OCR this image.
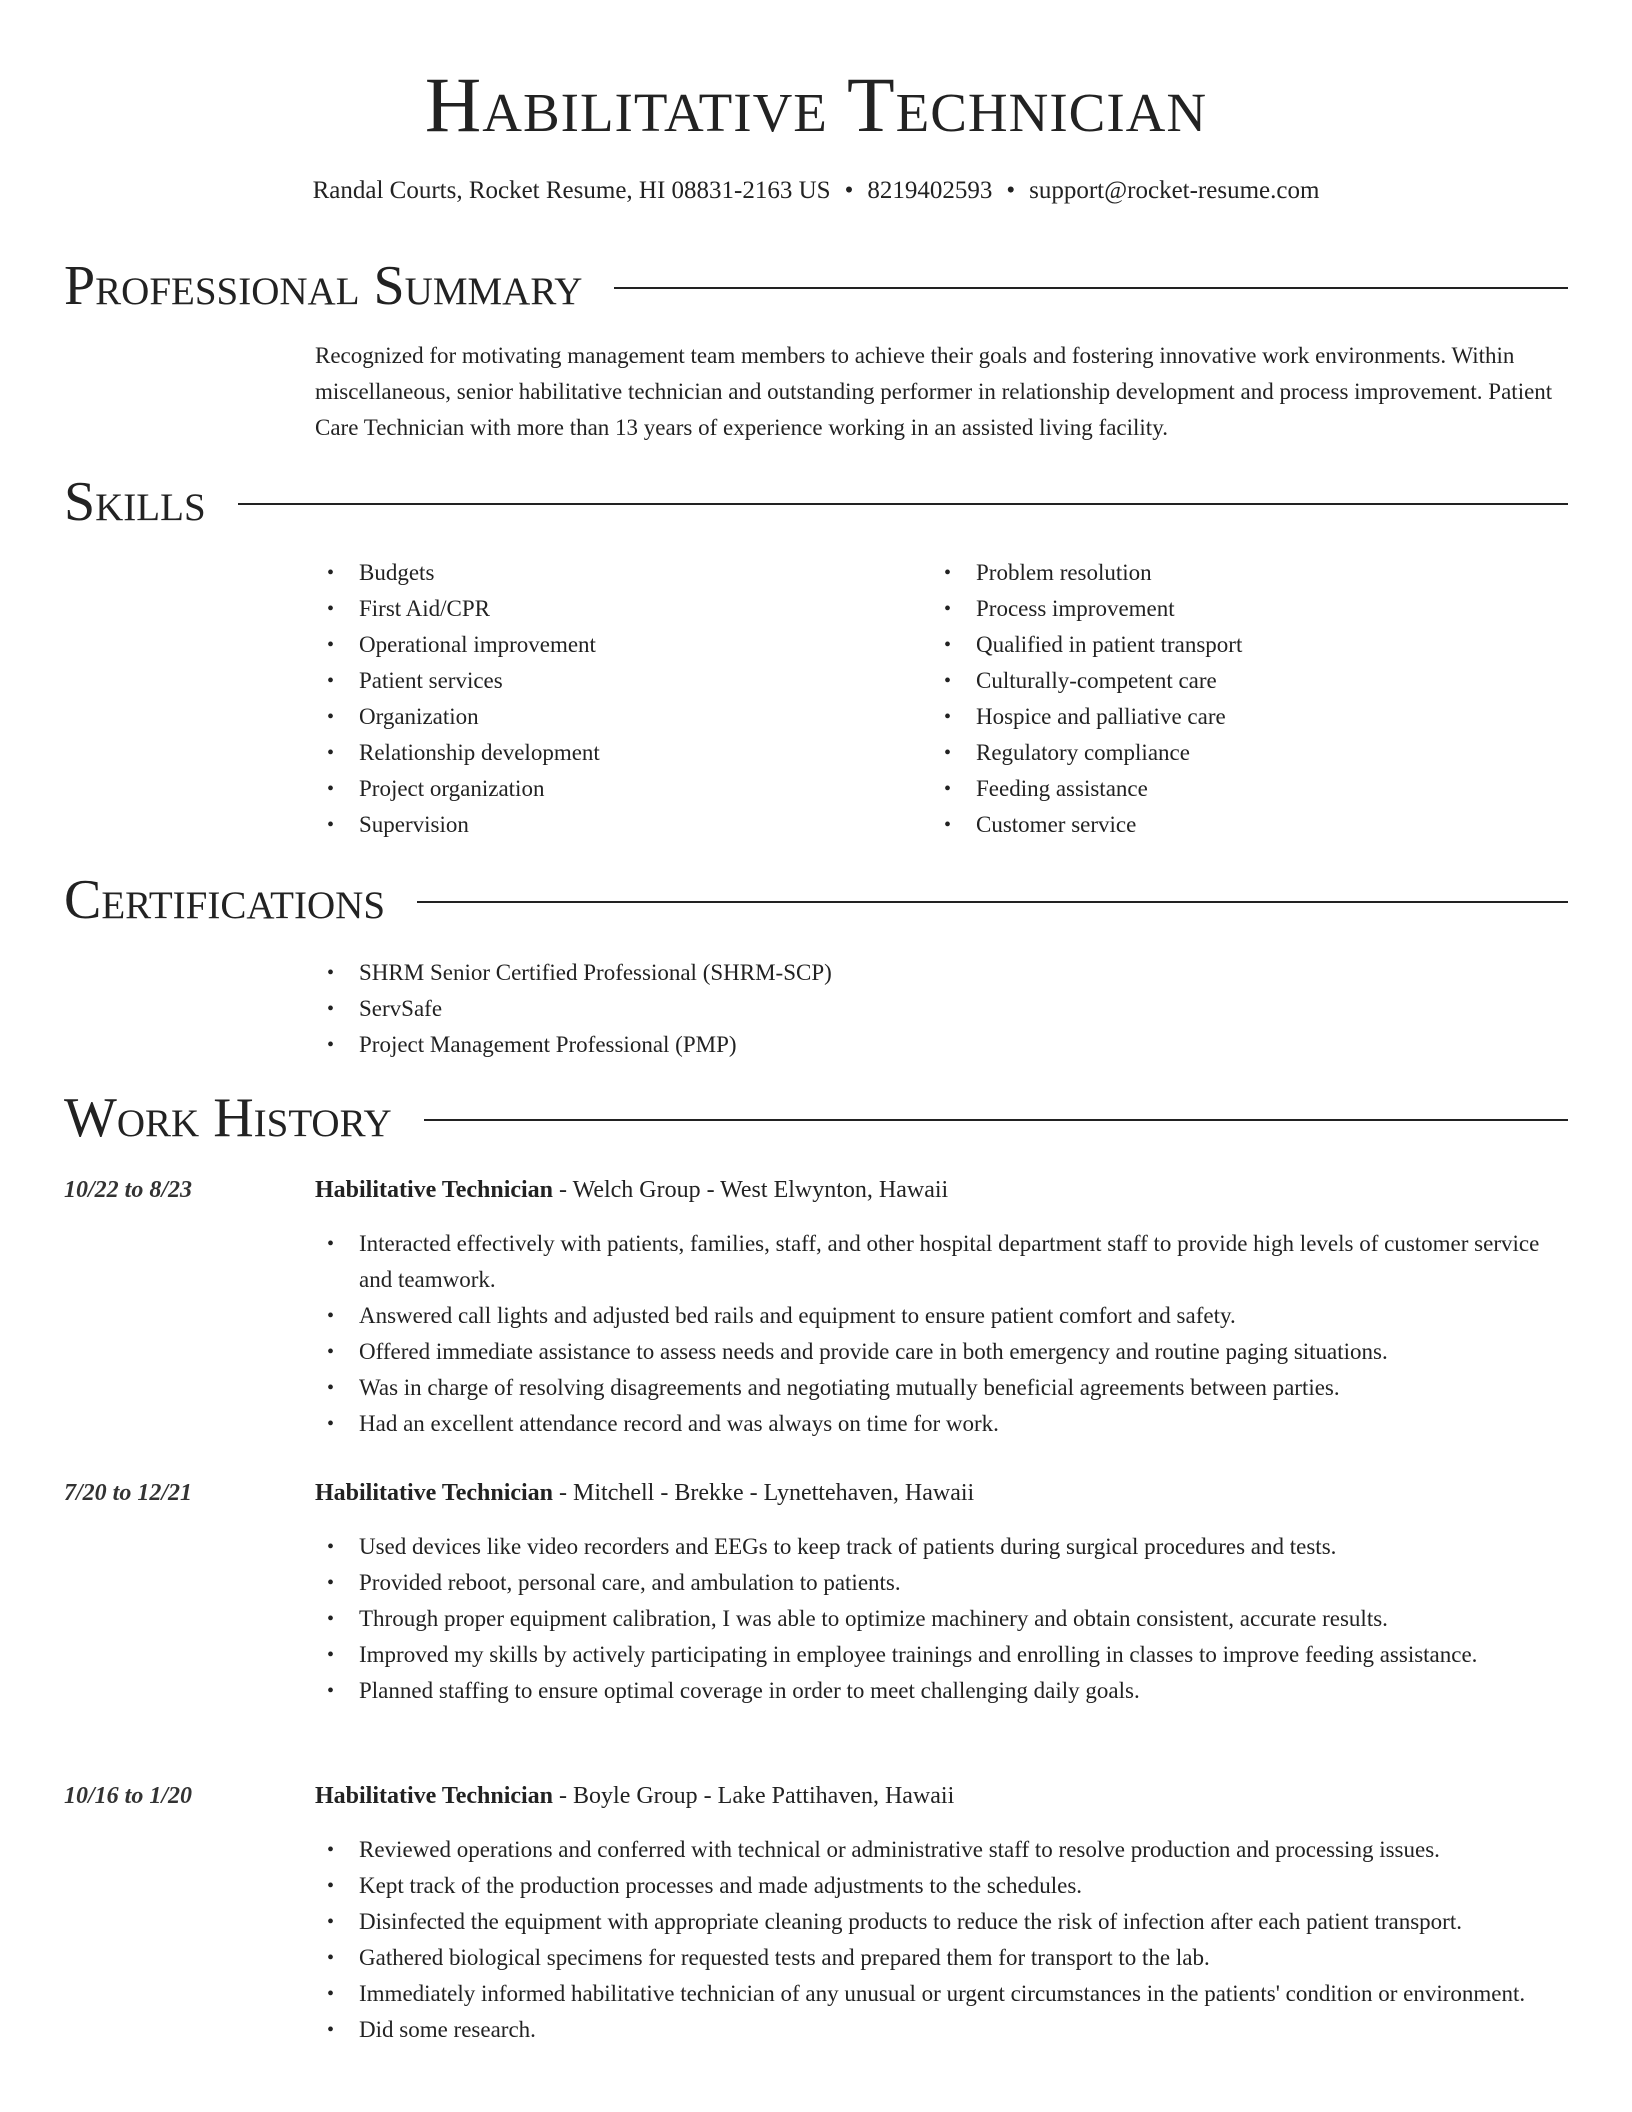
Habilitative Technician
Randal Courts, Rocket Resume, HI 08831-2163 US • 8219402593 • support@rocket-resume.com
Professional Summary

Recognized for motivating management team members to achieve their goals and fostering innovative work environments. Within miscellaneous, senior habilitative technician and outstanding performer in relationship development and process improvement. Patient Care Technician with more than 13 years of experience working in an assisted living facility.

Skills
• Budgets
• First Aid/CPR
• Operational improvement
• Patient services
• Organization
• Relationship development
• Project organization
• Supervision
• Problem resolution
• Process improvement
• Qualified in patient transport
• Culturally-competent care
• Hospice and palliative care
• Regulatory compliance
• Feeding assistance
• Customer service
Certifications
• SHRM Senior Certified Professional (SHRM-SCP)
• ServSafe
• Project Management Professional (PMP)
Work History
10/22 to 8/23	Habilitative Technician - Welch Group - West Elwynton, Hawaii
• Interacted effectively with patients, families, staff, and other hospital department staff to provide high levels of customer service and teamwork.
• Answered call lights and adjusted bed rails and equipment to ensure patient comfort and safety.
• Offered immediate assistance to assess needs and provide care in both emergency and routine paging situations.
• Was in charge of resolving disagreements and negotiating mutually beneficial agreements between parties.
• Had an excellent attendance record and was always on time for work.
7/20 to 12/21	Habilitative Technician - Mitchell - Brekke - Lynettehaven, Hawaii
• Used devices like video recorders and EEGs to keep track of patients during surgical procedures and tests.
• Provided reboot, personal care, and ambulation to patients.
• Through proper equipment calibration, I was able to optimize machinery and obtain consistent, accurate results.
• Improved my skills by actively participating in employee trainings and enrolling in classes to improve feeding assistance.
• Planned staffing to ensure optimal coverage in order to meet challenging daily goals.
10/16 to 1/20	Habilitative Technician - Boyle Group - Lake Pattihaven, Hawaii
• Reviewed operations and conferred with technical or administrative staff to resolve production and processing issues.
• Kept track of the production processes and made adjustments to the schedules.
• Disinfected the equipment with appropriate cleaning products to reduce the risk of infection after each patient transport.
• Gathered biological specimens for requested tests and prepared them for transport to the lab.
• Immediately informed habilitative technician of any unusual or urgent circumstances in the patients' condition or environment.
• Did some research.
